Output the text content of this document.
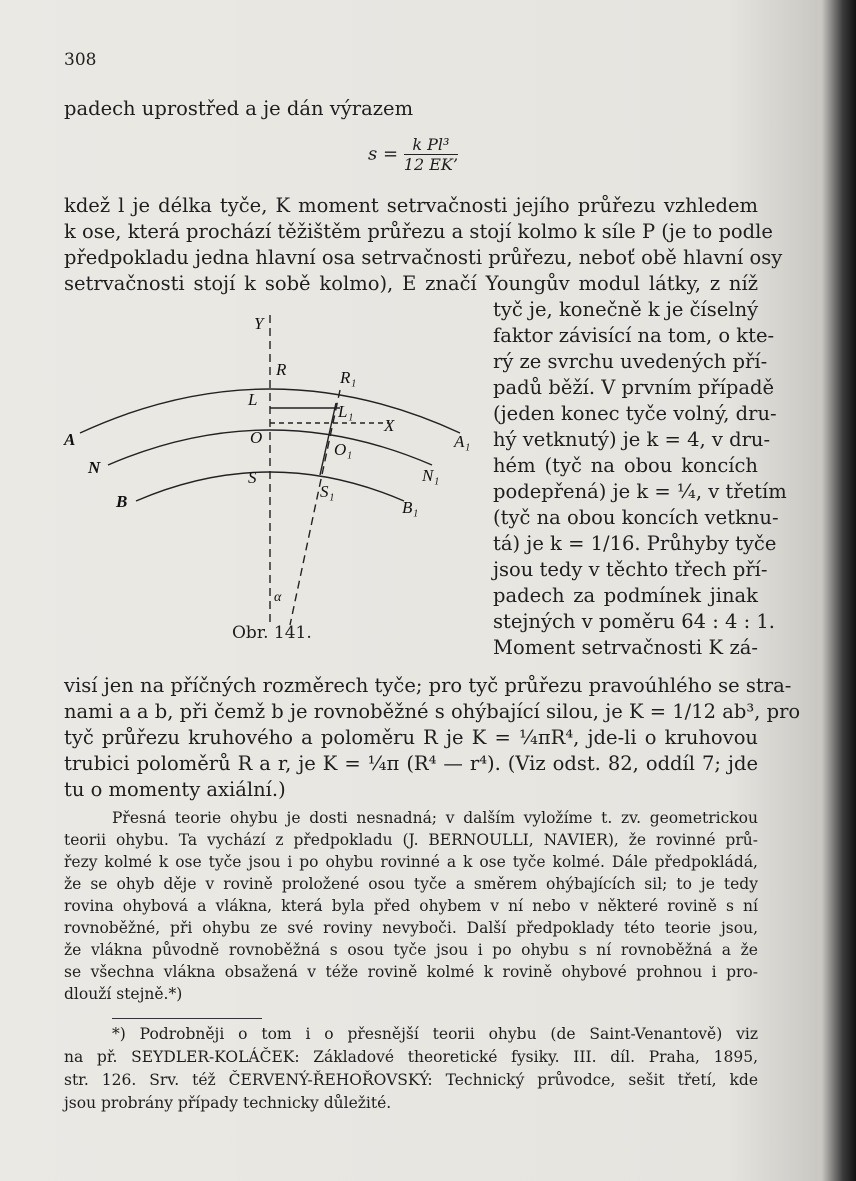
308
padech uprostřed a je dán výrazem
$s = \frac{\text{k Pl³}}{12 EK’}$
kdež l je délka tyče, K moment setrvačnosti jejího průřezu vzhledem
k ose, která prochází těžištěm průřezu a stojí kolmo k síle P (je to podle
předpokladu jedna hlavní osa setrvačnosti průřezu, neboť obě hlavní osy
setrvačnosti stojí k sobě kolmo), E značí Youngův modul látky, z níž
tyč je, konečně k je číselný
faktor závisící na tom, o kte-
rý ze svrchu uvedených pří-
padů běží. V prvním případě
(jeden konec tyče volný, dru-
hý vetknutý) je k = 4, v dru-
hém (tyč na obou koncích
podepřená) je k = ¼, v třetím
(tyč na obou koncích vetknu-
tá) je k = 1/16. Průhyby tyče
jsou tedy v těchto třech pří-
padech za podmínek jinak
stejných v poměru 64 : 4 : 1.
Moment setrvačnosti K zá-
Y
R	R₁
L
L₁
X
A	A₁
O
O₁
N	N₁
S
S₁
B	B₁
α
Obr. 141.
visí jen na příčných rozměrech tyče; pro tyč průřezu pravoúhlého se stra-
nami a a b, při čemž b je rovnoběžné s ohýbající silou, je K = 1/12 ab³, pro
tyč průřezu kruhového a poloměru R je K = ¼πR⁴, jde-li o kruhovou
trubici poloměrů R a r, je K = ¼π (R⁴ — r⁴). (Viz odst. 82, oddíl 7; jde
tu o momenty axiální.)
Přesná teorie ohybu je dosti nesnadná; v dalším vyložíme t. zv. geometrickou
teorii ohybu. Ta vychází z předpokladu (J. BERNOULLI, NAVIER), že rovinné prů-
řezy kolmé k ose tyče jsou i po ohybu rovinné a k ose tyče kolmé. Dále předpokládá,
že se ohyb děje v rovině proložené osou tyče a směrem ohýbajících sil; to je tedy
rovina ohybová a vlákna, která byla před ohybem v ní nebo v některé rovině s ní
rovnoběžné, při ohybu ze své roviny nevyboči. Další předpoklady této teorie jsou,
že vlákna původně rovnoběžná s osou tyče jsou i po ohybu s ní rovnoběžná a že
se všechna vlákna obsažená v téže rovině kolmé k rovině ohybové prohnou i pro-
dlouží stejně.*)
*) Podrobněji o tom i o přesnější teorii ohybu (de Saint-Venantově) viz
na př. SEYDLER-KOLÁČEK: Základové theoretické fysiky. III. díl. Praha, 1895,
str. 126. Srv. též ČERVENÝ-ŘEHOŘOVSKÝ: Technický průvodce, sešit třetí, kde
jsou probrány případy technicky důležité.
